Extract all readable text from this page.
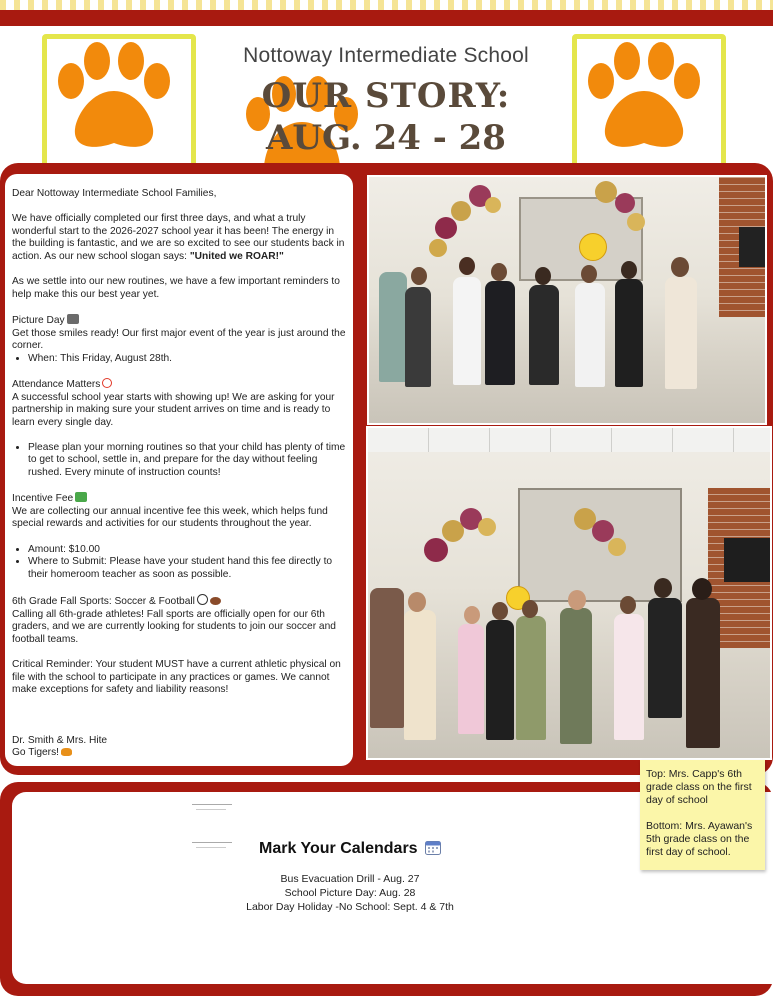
Nottoway Intermediate School
OUR STORY:
AUG. 24 - 28

Dear Nottoway Intermediate School Families,

We have officially completed our first three days, and what a truly wonderful start to the 2026-2027 school year it has been! The energy in the building is fantastic, and we are so excited to see our students back in action. As our new school slogan says: "United we ROAR!"

As we settle into our new routines, we have a few important reminders to help make this our best year yet.

Picture Day
Get those smiles ready! Our first major event of the year is just around the corner.
• When: This Friday, August 28th.
Attendance Matters
A successful school year starts with showing up! We are asking for your partnership in making sure your student arrives on time and is ready to learn every single day.
• Please plan your morning routines so that your child has plenty of time to get to school, settle in, and prepare for the day without feeling rushed. Every minute of instruction counts!
Incentive Fee
We are collecting our annual incentive fee this week, which helps fund special rewards and activities for our students throughout the year.
• Amount: $10.00
• Where to Submit: Please have your student hand this fee directly to their homeroom teacher as soon as possible.
6th Grade Fall Sports: Soccer & Football

Calling all 6th-grade athletes! Fall sports are officially open for our 6th graders, and we are currently looking for students to join our soccer and football teams.

Critical Reminder: Your student MUST have a current athletic physical on file with the school to participate in any practices or games. We cannot make exceptions for safety and liability reasons!

Dr. Smith & Mrs. Hite
Go Tigers!
Mark Your Calendars
Bus Evacuation Drill - Aug. 27
School Picture Day: Aug. 28
Labor Day Holiday -No School: Sept. 4 & 7th

Top: Mrs. Capp's 6th grade class on the first day of school

Bottom: Mrs. Ayawan's 5th grade class on the first day of school.
